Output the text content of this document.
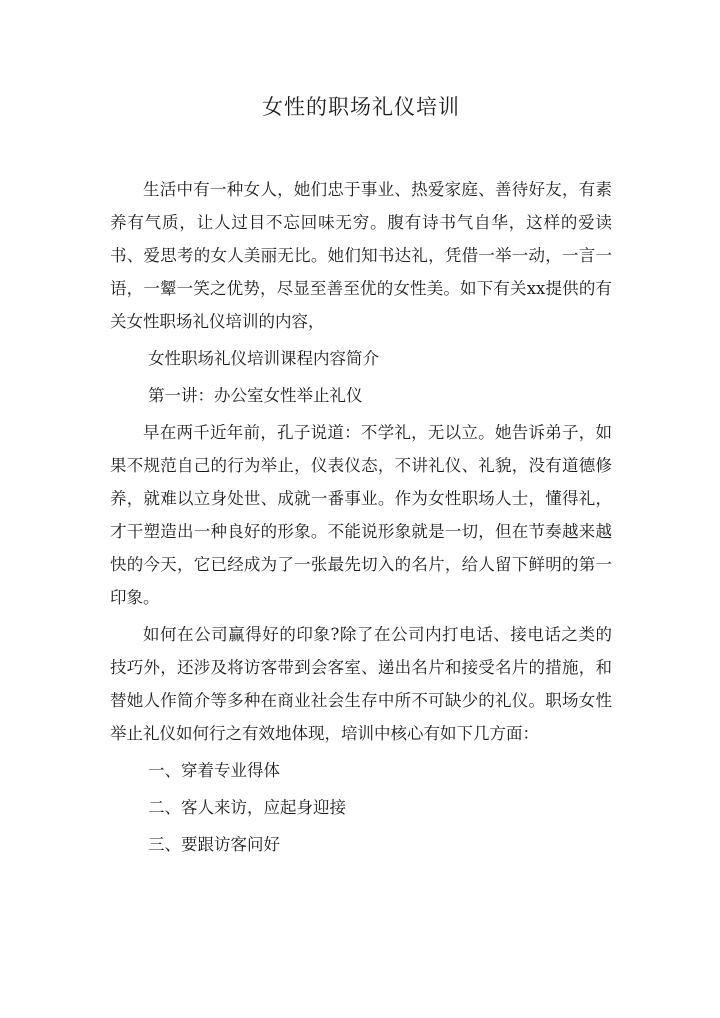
女性的职场礼仪培训

生活中有一种女人，她们忠于事业、热爱家庭、善待好友，有素养有气质，让人过目不忘回味无穷。腹有诗书气自华，这样的爱读书、爱思考的女人美丽无比。她们知书达礼，凭借一举一动，一言一语，一颦一笑之优势，尽显至善至优的女性美。如下有关xx提供的有关女性职场礼仪培训的内容，

女性职场礼仪培训课程内容简介

第一讲：办公室女性举止礼仪

早在两千近年前，孔子说道：不学礼，无以立。她告诉弟子，如果不规范自己的行为举止，仪表仪态，不讲礼仪、礼貌，没有道德修养，就难以立身处世、成就一番事业。作为女性职场人士，懂得礼，才干塑造出一种良好的形象。不能说形象就是一切，但在节奏越来越快的今天，它已经成为了一张最先切入的名片，给人留下鲜明的第一印象。

如何在公司赢得好的印象?除了在公司内打电话、接电话之类的技巧外，还涉及将访客带到会客室、递出名片和接受名片的措施，和替她人作简介等多种在商业社会生存中所不可缺少的礼仪。职场女性举止礼仪如何行之有效地体现，培训中核心有如下几方面：

一、穿着专业得体

二、客人来访，应起身迎接

三、要跟访客问好
